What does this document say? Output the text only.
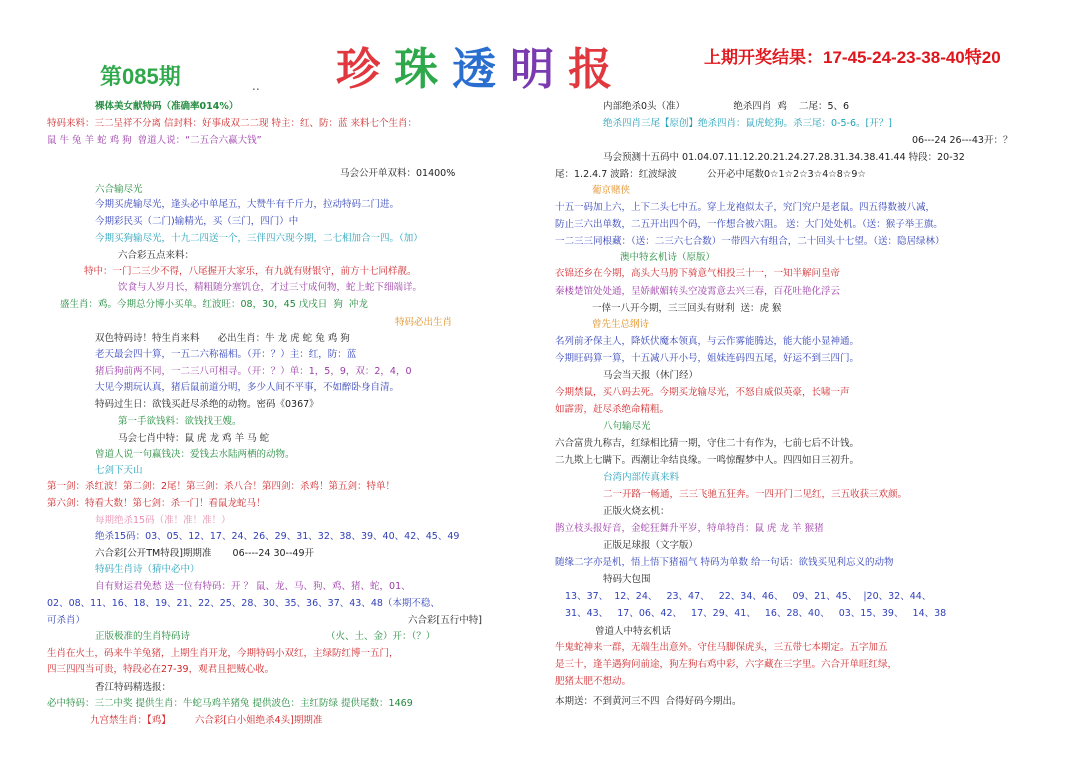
第085期	.. 珍 珠 透 明 报	上期开奖结果：17-45-24-23-38-40特20
裸体美女献特码（准确率014%）
特码来料：三二呈祥不分离 信封料：好事成双二二现 特主：红、防：蓝 来料七个生肖：
鼠 牛 兔 羊 蛇 鸡 狗  曾道人说：“二五合六赢大钱”
马会公开单双料：01400%
六合输尽光
今期买虎输尽光，逢头必中单尾五，大赞牛有千斤力，拉动特码二门进。
今期彩民买（二门)输精光，买（三门，四门）中
今期买狗输尽光，十九二四送一个，三伴四六现今期，二七相加合一四。（加）
六合彩五点来料：
特中：一门二三少不得，八尾握开大家乐，有九就有财银守，前方十七同样靓。
饮食与人岁月长，精粗随分塞饥仓，才过三寸成何物，蛇上蛇下细端详。
盛生肖：鸡。今期总分博小买单。红波旺：08，30，45 戊戌日  狗  冲龙
特码必出生肖
双色特码诗！特生肖来料      必出生肖：牛 龙 虎 蛇 兔 鸡 狗
老天最会四十算，一五二六称福相。（开：？）主：红，防：蓝
猪后狗前两不同，一二三八可相寻。（开：？）单：1，5，9，双：2，4，0
大见今期玩认真，猪后鼠前道分明，多少人间不平事，不如醉卧身自清。
特码过生日：欲钱买赶尽杀绝的动物。密码《0367》
第一手欲钱料：欲钱找王嫂。
马会七肖中特：鼠 虎 龙 鸡 羊 马 蛇
曾道人说一句赢钱决：爱钱去水陆两栖的动物。
七剑下天山
第一剑：杀红波！第二剑：2尾！第三剑：杀八合！第四剑：杀鸡！第五剑：特单！
第六剑：特看大数！第七剑：杀一门！看鼠龙蛇马！
每期绝杀15码（准！准！准！）
绝杀15码：03、05、12、17、24、26、29、31、32、38、39、40、42、45、49
六合彩[公开TM特段]期期准       06----24 30--49开
特码生肖诗（猜中必中）
自有财运君免愁 送一位有特码：开 ？ 鼠、龙、马、狗、鸡、猪、蛇，01、
02、08、11、16、18、19、21、22、25、28、30、35、36、37、43、48（本期不稳、
可杀肖）	六合彩[五行中特]
正版极准的生肖特码诗	（火、土、金）开：（？）
生肖在火土，码来牛羊兔猪，上期生肖开龙，今期特码小双红，主绿防红博一五门，
四三四四当可贵，特段必在27-39，观君且把贼心收。
香江特码精选报：
必中特码：三二中奖 提供生肖：牛蛇马鸡羊猪兔 提供波色：主红防绿 提供尾数：1469
九宫禁生肖：【鸡】        六合彩[白小姐绝杀4头]期期准
内部绝杀0头（准）                绝杀四肖  鸡    二尾：5、6
绝杀四肖三尾【原创】绝杀四肖：鼠虎蛇狗。杀三尾：0-5-6。[开？]
06---24 26---43开：？
马会预测十五码中 01.04.07.11.12.20.21.24.27.28.31.34.38.41.44 特段：20-32
尾：1.2.4.7 波路：红波绿波          公开必中尾数0☆1☆2☆3☆4☆8☆9☆
葡京赌侠
十五一码加上六，上下二头七中五。穿上龙袍似太子，究门究户是老鼠。四五得数被八减，
防止三六出单数，二五开出四个码，一作想合被六阻。 送：大门处处机。（送：猴子举王旗。
一二三三同根藏：（送：二三六七合数）一带四六有组合，二十回头十七望。（送：隐居绿林）
澳中特玄机诗（原版）
衣锦还乡在今期，高头大马胯下骑意气相投三十一，一知半解问皇帝
秦楼楚馆处处通，呈娇献媚转头空凌霄意去兴三春，百花吐艳化浮云
一倖一八开今期，三三回头有财利  送：虎 猴
曾先生总纲诗
名列前矛保主人，降妖伏魔本领真，与云作雾能腾达，能大能小显神通。
今期旺码算一算，十五减八开小号，姐妹连码四五尾，好运不到三四门。
马会当天报（休门经）
今期禁鼠，买八码去死。今期买龙输尽光，不怒自威似英豪，长啸一声
如霹雳，赶尽杀绝命精粗。
八句输尽光
六合富贵九称吉，红绿相比猜一期，守住二十有作为，七前七后不计钱。
二九欺上七瞒下。西潮让伞结良缘。一鸣惊醒梦中人。四四如日三初升。
台湾内部传真来料
二一开路一畅通，三三飞驰五狂奔。一四开门二见红，三五收获三欢颜。
正版火烧玄机：
鹊立枝头报好音，金蛇狂舞升平岁，特单特肖：鼠 虎 龙 羊 猴猪
正版足球报（文字版）
随缘二字亦是机，悟上悟下猪福气 特码为单数 给一句话：欲钱买见利忘义的动物
特码大包围
13、37、  12、24、   23、47、   22、34、46、   09、21、45、  |20、32、44、
31、43、   17、06、42、   17、29、41、   16、28、40、   03、15、39、   14、38
曾道人中特玄机话
牛鬼蛇神来一群，无端生出意外。守住马脚保虎头，三五带七本期定。五字加五
是三十，逢羊遇狗问前途，狗左狗右鸡中彩，六字藏在三字里。六合开单旺红绿，
肥猪太肥不想动。
本期送：不到黄河三不四  合得好码今期出。
